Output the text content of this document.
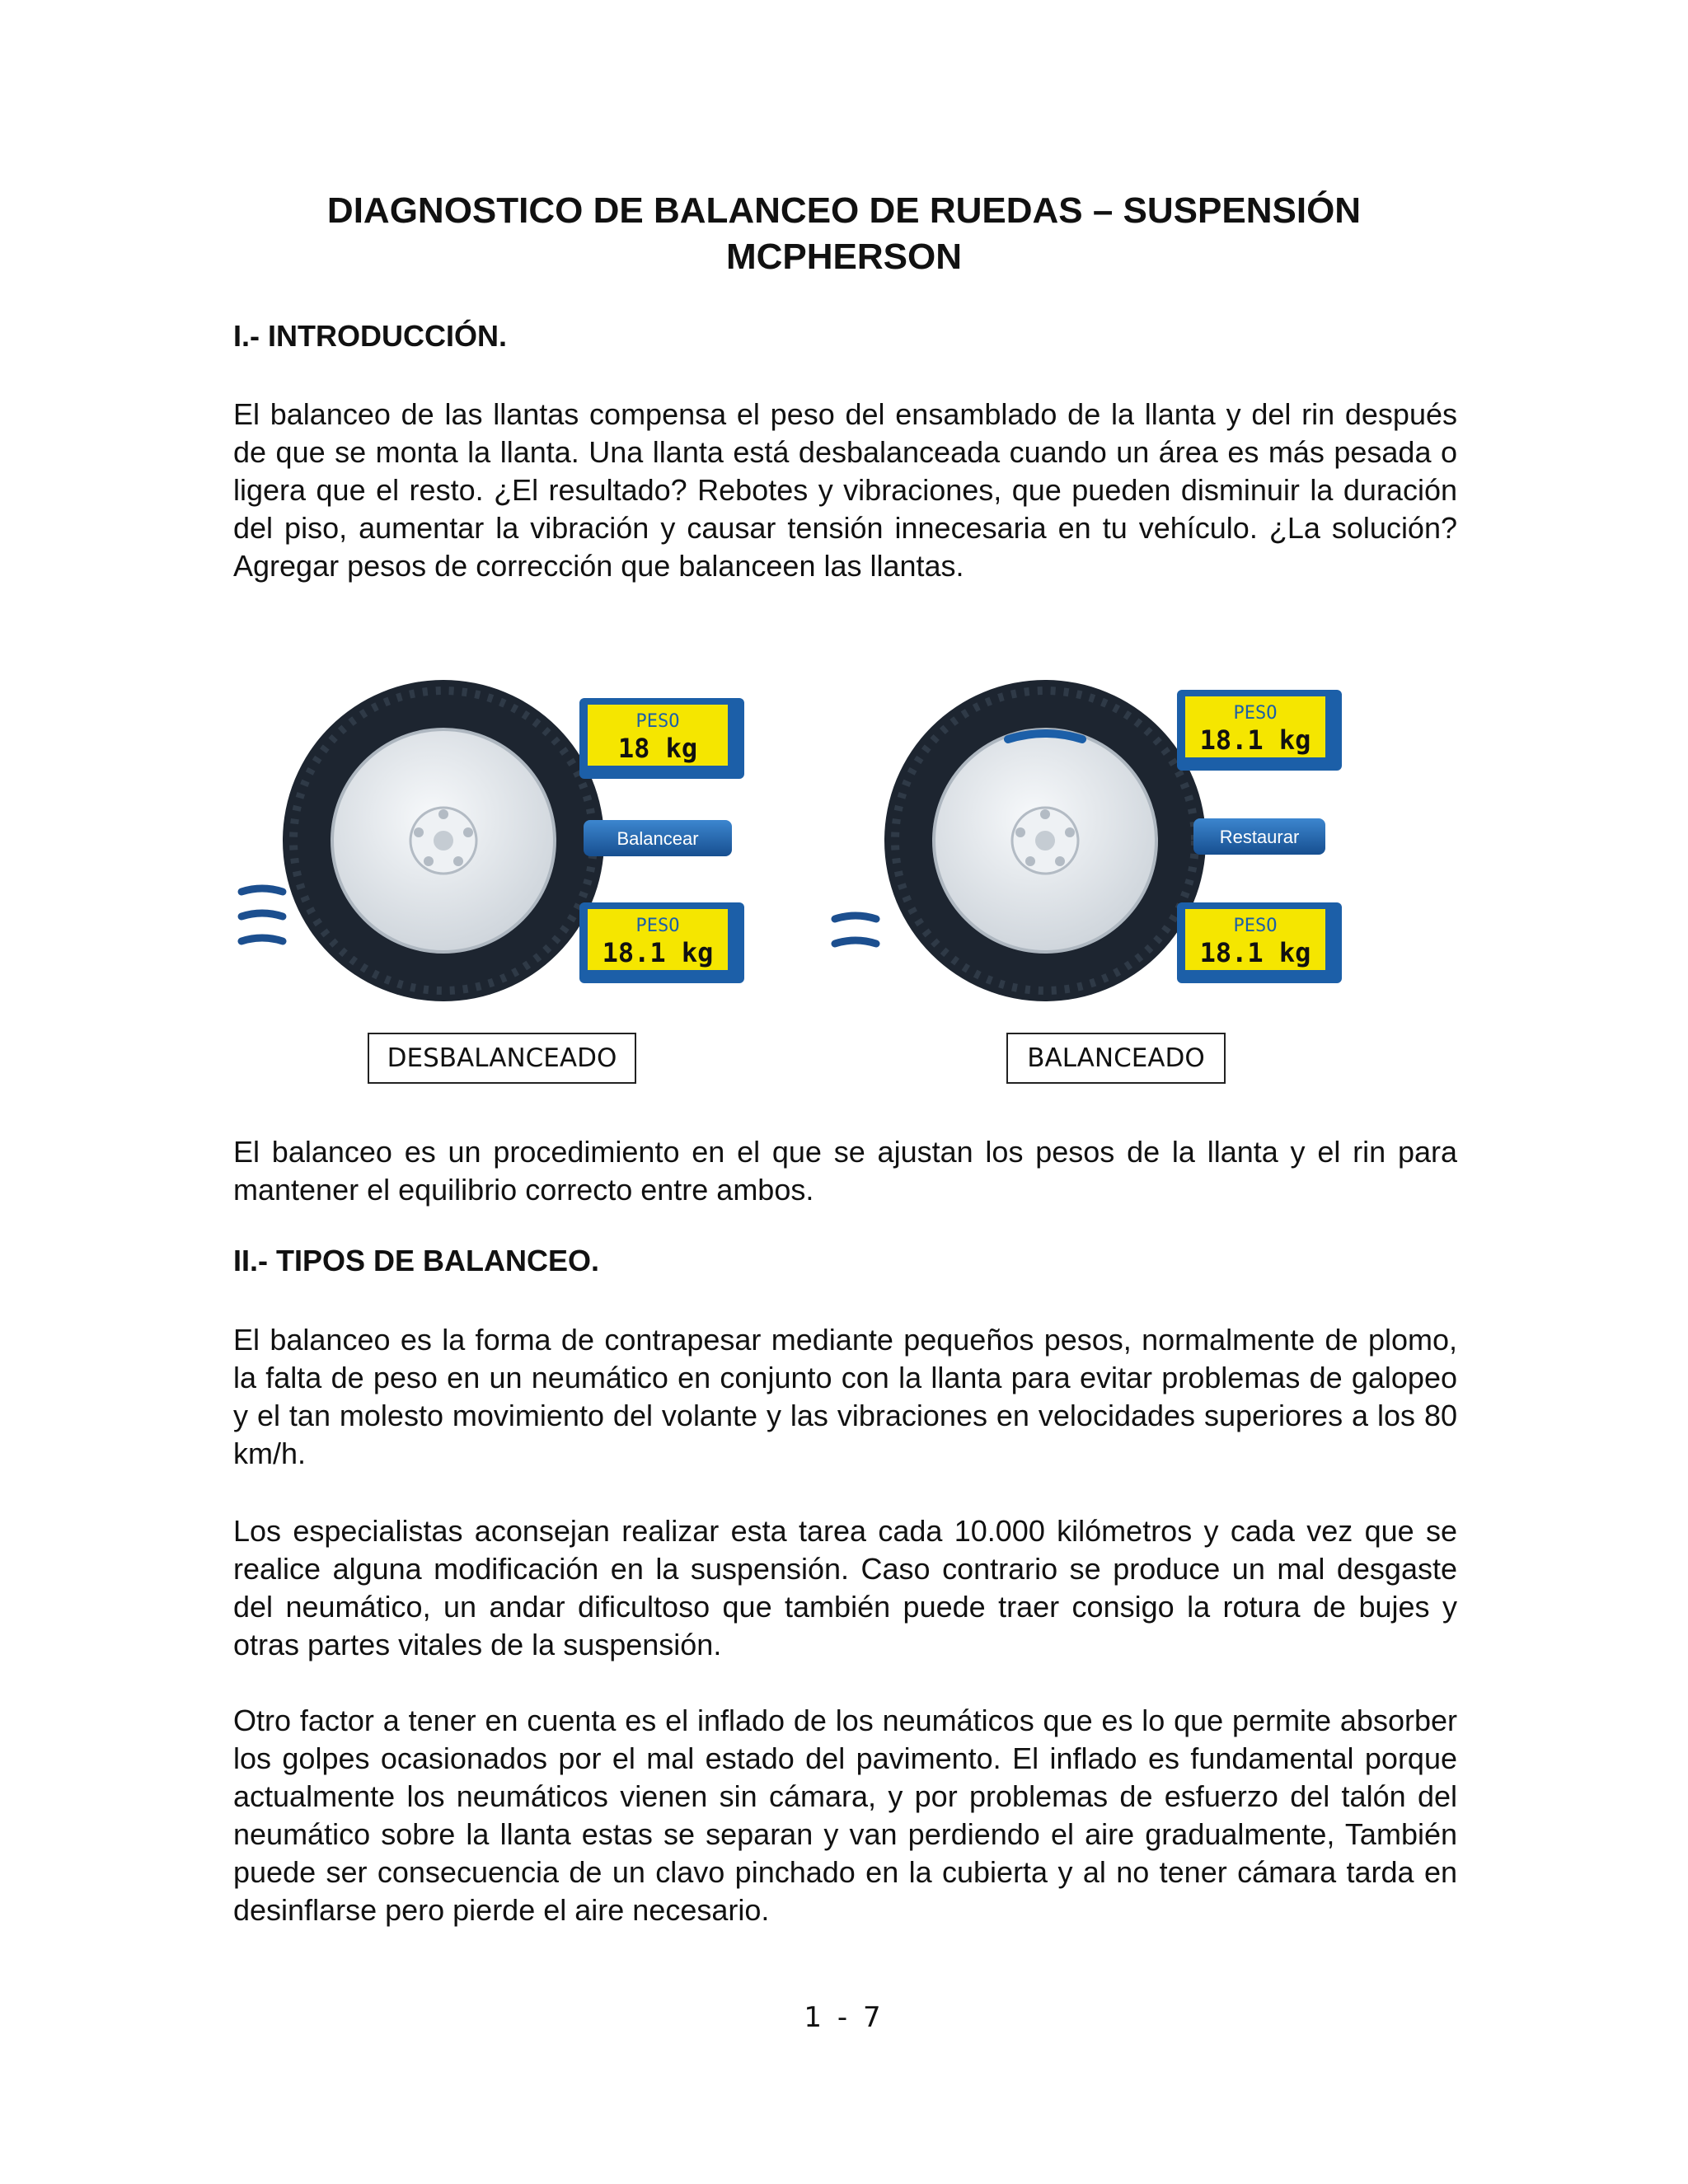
DIAGNOSTICO DE BALANCEO DE RUEDAS – SUSPENSIÓN
MCPHERSON
I.- INTRODUCCIÓN.

El balanceo de las llantas compensa el peso del ensamblado de la llanta y del rin después de que se monta la llanta. Una llanta está desbalanceada cuando un área es más pesada o ligera que el resto. ¿El resultado? Rebotes y vibraciones, que pueden disminuir la duración del piso, aumentar la vibración y causar tensión innecesaria en tu vehículo. ¿La solución? Agregar pesos de corrección que balanceen las llantas.

PESO
18 kg
PESO
18.1 kg
PESO
18.1 kg
PESO
18.1 kg
Balancear	Restaurar
DESBALANCEADO	BALANCEADO

El balanceo es un procedimiento en el que se ajustan los pesos de la llanta y el rin para mantener el equilibrio correcto entre ambos.

II.- TIPOS DE BALANCEO.

El balanceo es la forma de contrapesar mediante pequeños pesos, normalmente de plomo, la falta de peso en un neumático en conjunto con la llanta para evitar problemas de galopeo y el tan molesto movimiento del volante y las vibraciones en velocidades superiores a los 80 km/h.

Los especialistas aconsejan realizar esta tarea cada 10.000 kilómetros y cada vez que se realice alguna modificación en la suspensión. Caso contrario se produce un mal desgaste del neumático, un andar dificultoso que también puede traer consigo la rotura de bujes y otras partes vitales de la suspensión.

Otro factor a tener en cuenta es el inflado de los neumáticos que es lo que permite absorber los golpes ocasionados por el mal estado del pavimento. El inflado es fundamental porque actualmente los neumáticos vienen sin cámara, y por problemas de esfuerzo del talón del neumático sobre la llanta estas se separan y van perdiendo el aire gradualmente, También puede ser consecuencia de un clavo pinchado en la cubierta y al no tener cámara tarda en desinflarse pero pierde el aire necesario.

1 - 7
